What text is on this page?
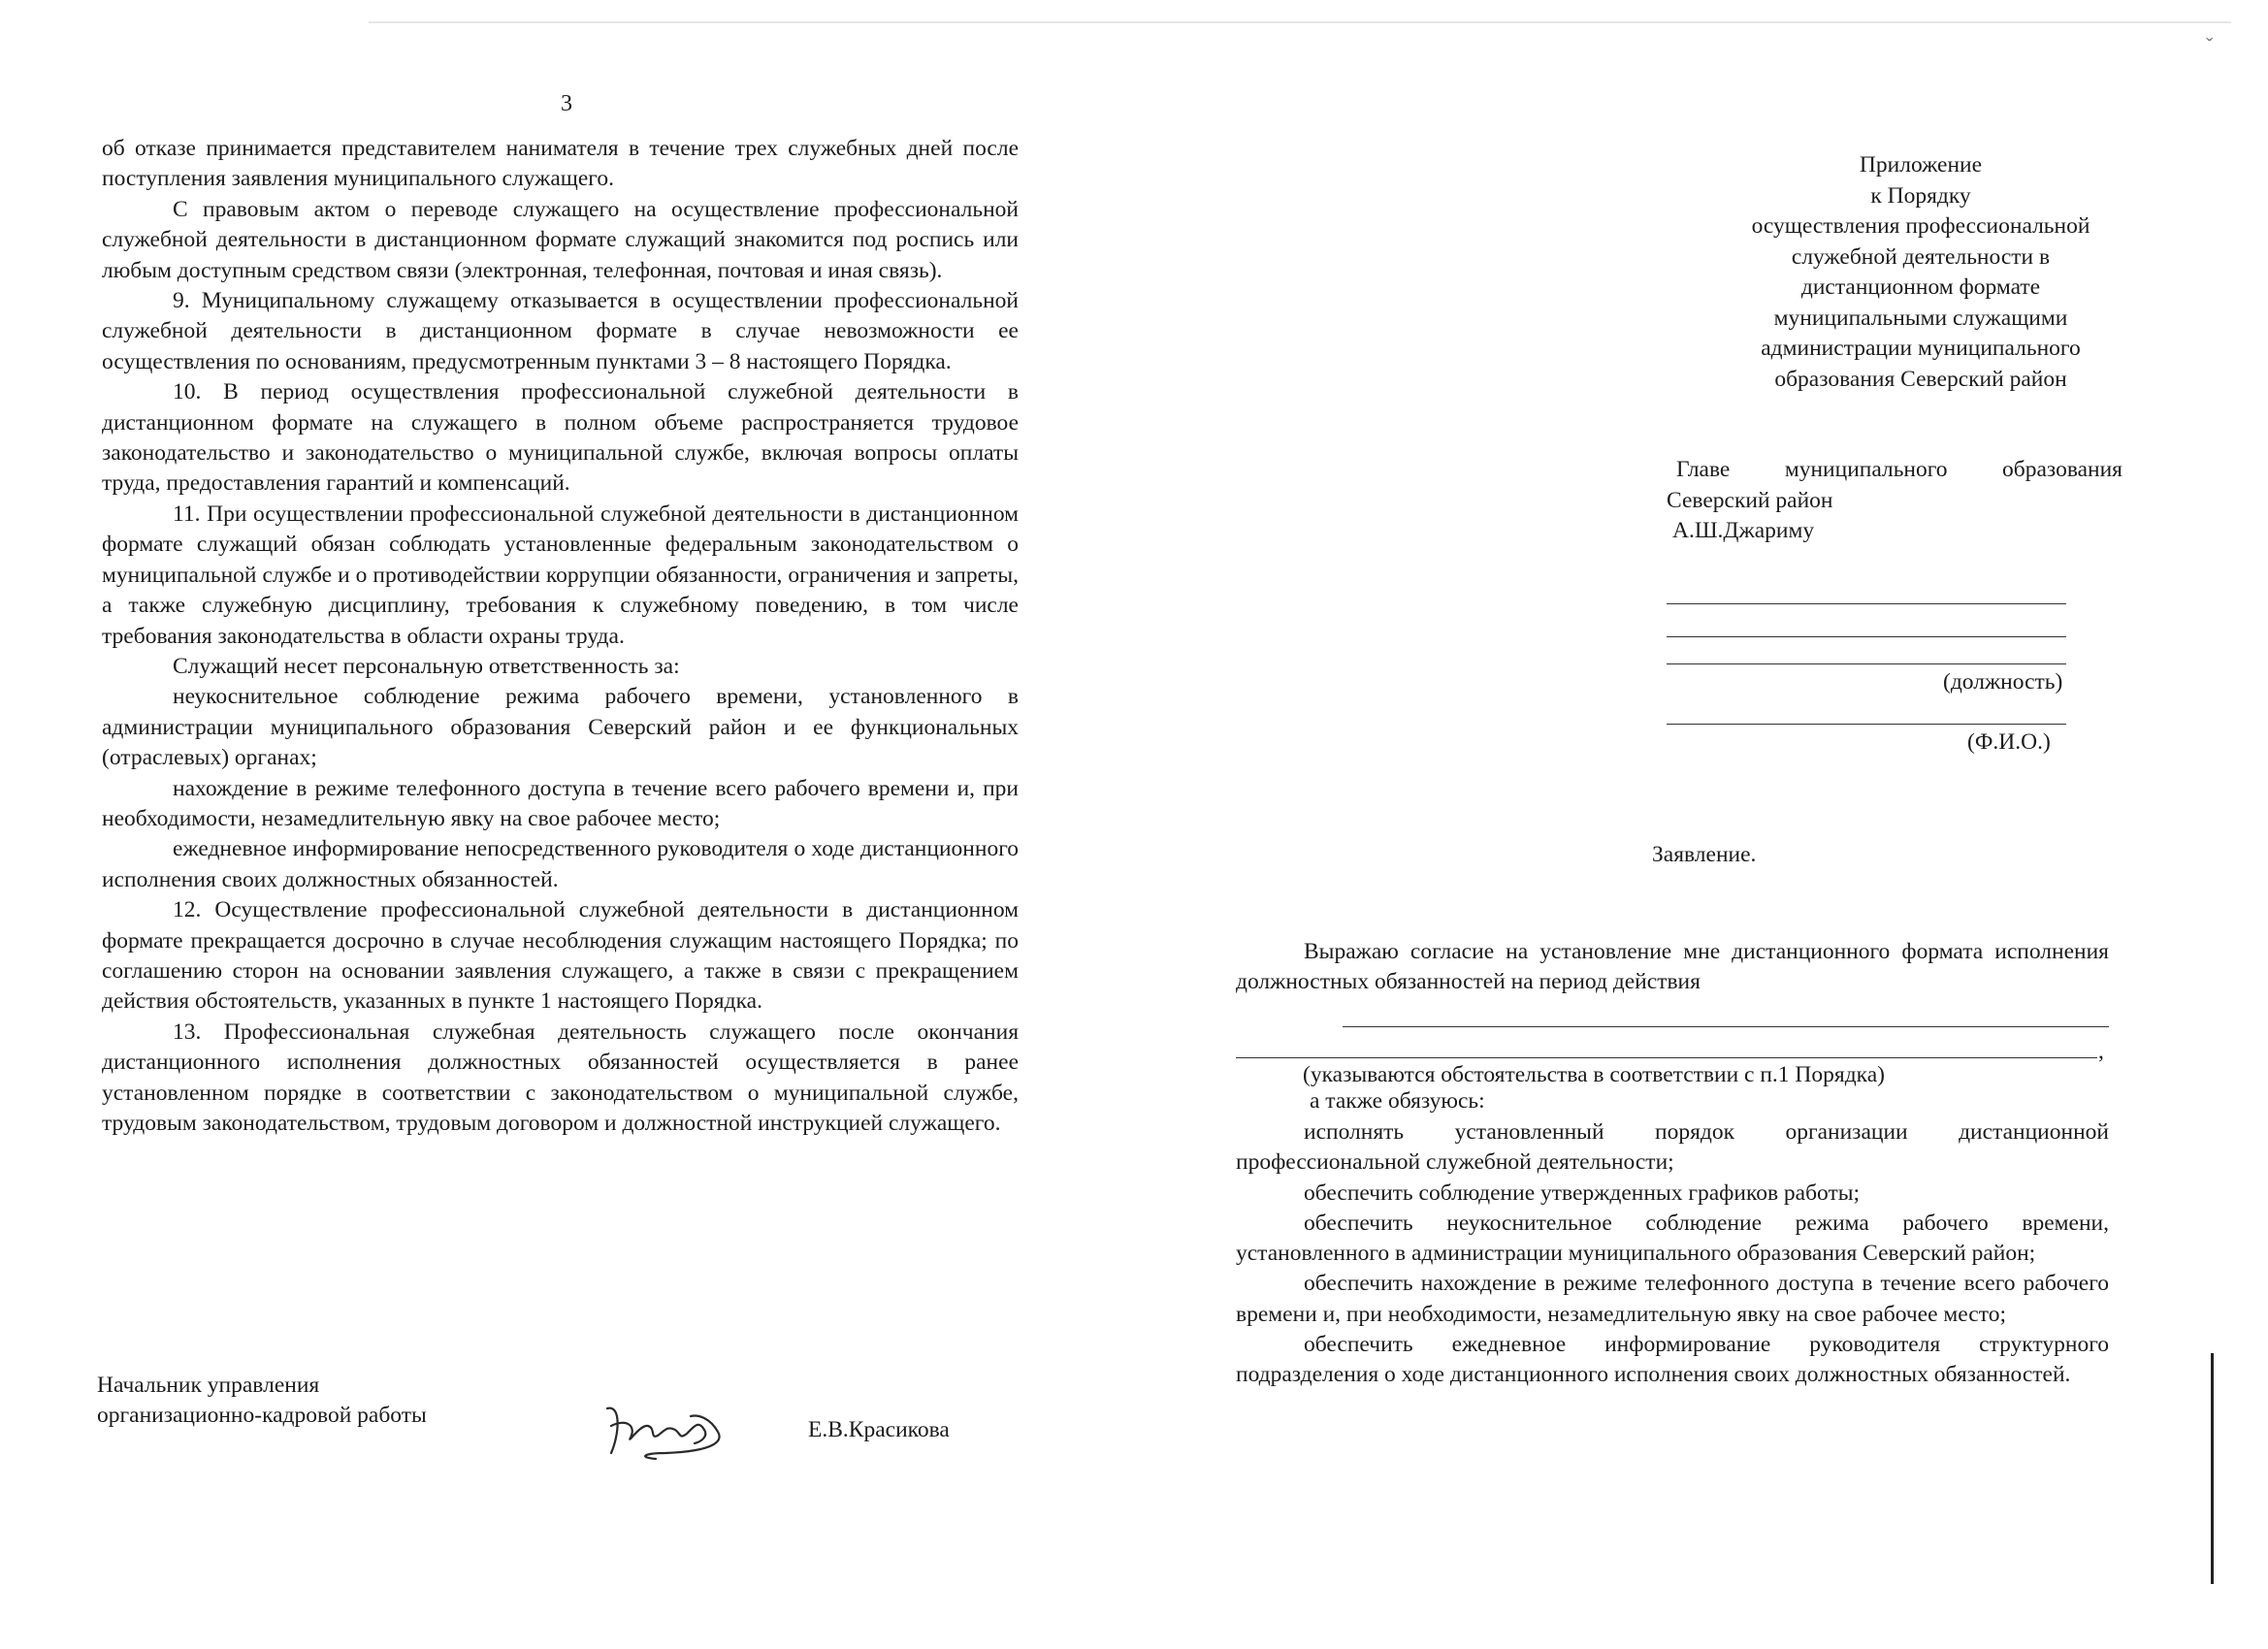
ˇ
3

об отказе принимается представителем нанимателя в течение трех служебных дней после поступления заявления муниципального служащего.

С правовым актом о переводе служащего на осуществление профессиональной служебной деятельности в дистанционном формате служащий знакомится под роспись или любым доступным средством связи (электронная, телефонная, почтовая и иная связь).

9. Муниципальному служащему отказывается в осуществлении профессиональной служебной деятельности в дистанционном формате в случае невозможности ее осуществления по основаниям, предусмотренным пунктами 3 – 8 настоящего Порядка.

10. В период осуществления профессиональной служебной деятельности в дистанционном формате на служащего в полном объеме распространяется трудовое законодательство и законодательство о муниципальной службе, включая вопросы оплаты труда, предоставления гарантий и компенсаций.

11. При осуществлении профессиональной служебной деятельности в дистанционном формате служащий обязан соблюдать установленные федеральным законодательством о муниципальной службе и о противодействии коррупции обязанности, ограничения и запреты, а также служебную дисциплину, требования к служебному поведению, в том числе требования законодательства в области охраны труда.

Служащий несет персональную ответственность за:

неукоснительное соблюдение режима рабочего времени, установленного в администрации муниципального образования Северский район и ее функциональных (отраслевых) органах;

нахождение в режиме телефонного доступа в течение всего рабочего времени и, при необходимости, незамедлительную явку на свое рабочее место;

ежедневное информирование непосредственного руководителя о ходе дистанционного исполнения своих должностных обязанностей.

12. Осуществление профессиональной служебной деятельности в дистанционном формате прекращается досрочно в случае несоблюдения служащим настоящего Порядка; по соглашению сторон на основании заявления служащего, а также в связи с прекращением действия обстоятельств, указанных в пункте 1 настоящего Порядка.

13. Профессиональная служебная деятельность служащего после окончания дистанционного исполнения должностных обязанностей осуществляется в ранее установленном порядке в соответствии с законодательством о муниципальной службе, трудовым законодательством, трудовым договором и должностной инструкцией служащего.

Начальник управления
организационно-кадровой работы
Е.В.Красикова
Приложение
к Порядку
осуществления профессиональной
служебной деятельности в
дистанционном формате
муниципальными служащими
администрации муниципального
образования Северский район
Главе муниципального образования
Северский район
А.Ш.Джариму
(должность)
(Ф.И.О.)
Заявление.

Выражаю согласие на установление мне дистанционного формата исполнения должностных обязанностей на период действия

,
(указываются обстоятельства в соответствии с п.1 Порядка)
а также обязуюсь:

исполнять установленный порядок организации дистанционной профессиональной служебной деятельности;

обеспечить соблюдение утвержденных графиков работы;

обеспечить неукоснительное соблюдение режима рабочего времени, установленного в администрации муниципального образования Северский район;

обеспечить нахождение в режиме телефонного доступа в течение всего рабочего времени и, при необходимости, незамедлительную явку на свое рабочее место;

обеспечить ежедневное информирование руководителя структурного подразделения о ходе дистанционного исполнения своих должностных обязанностей.
